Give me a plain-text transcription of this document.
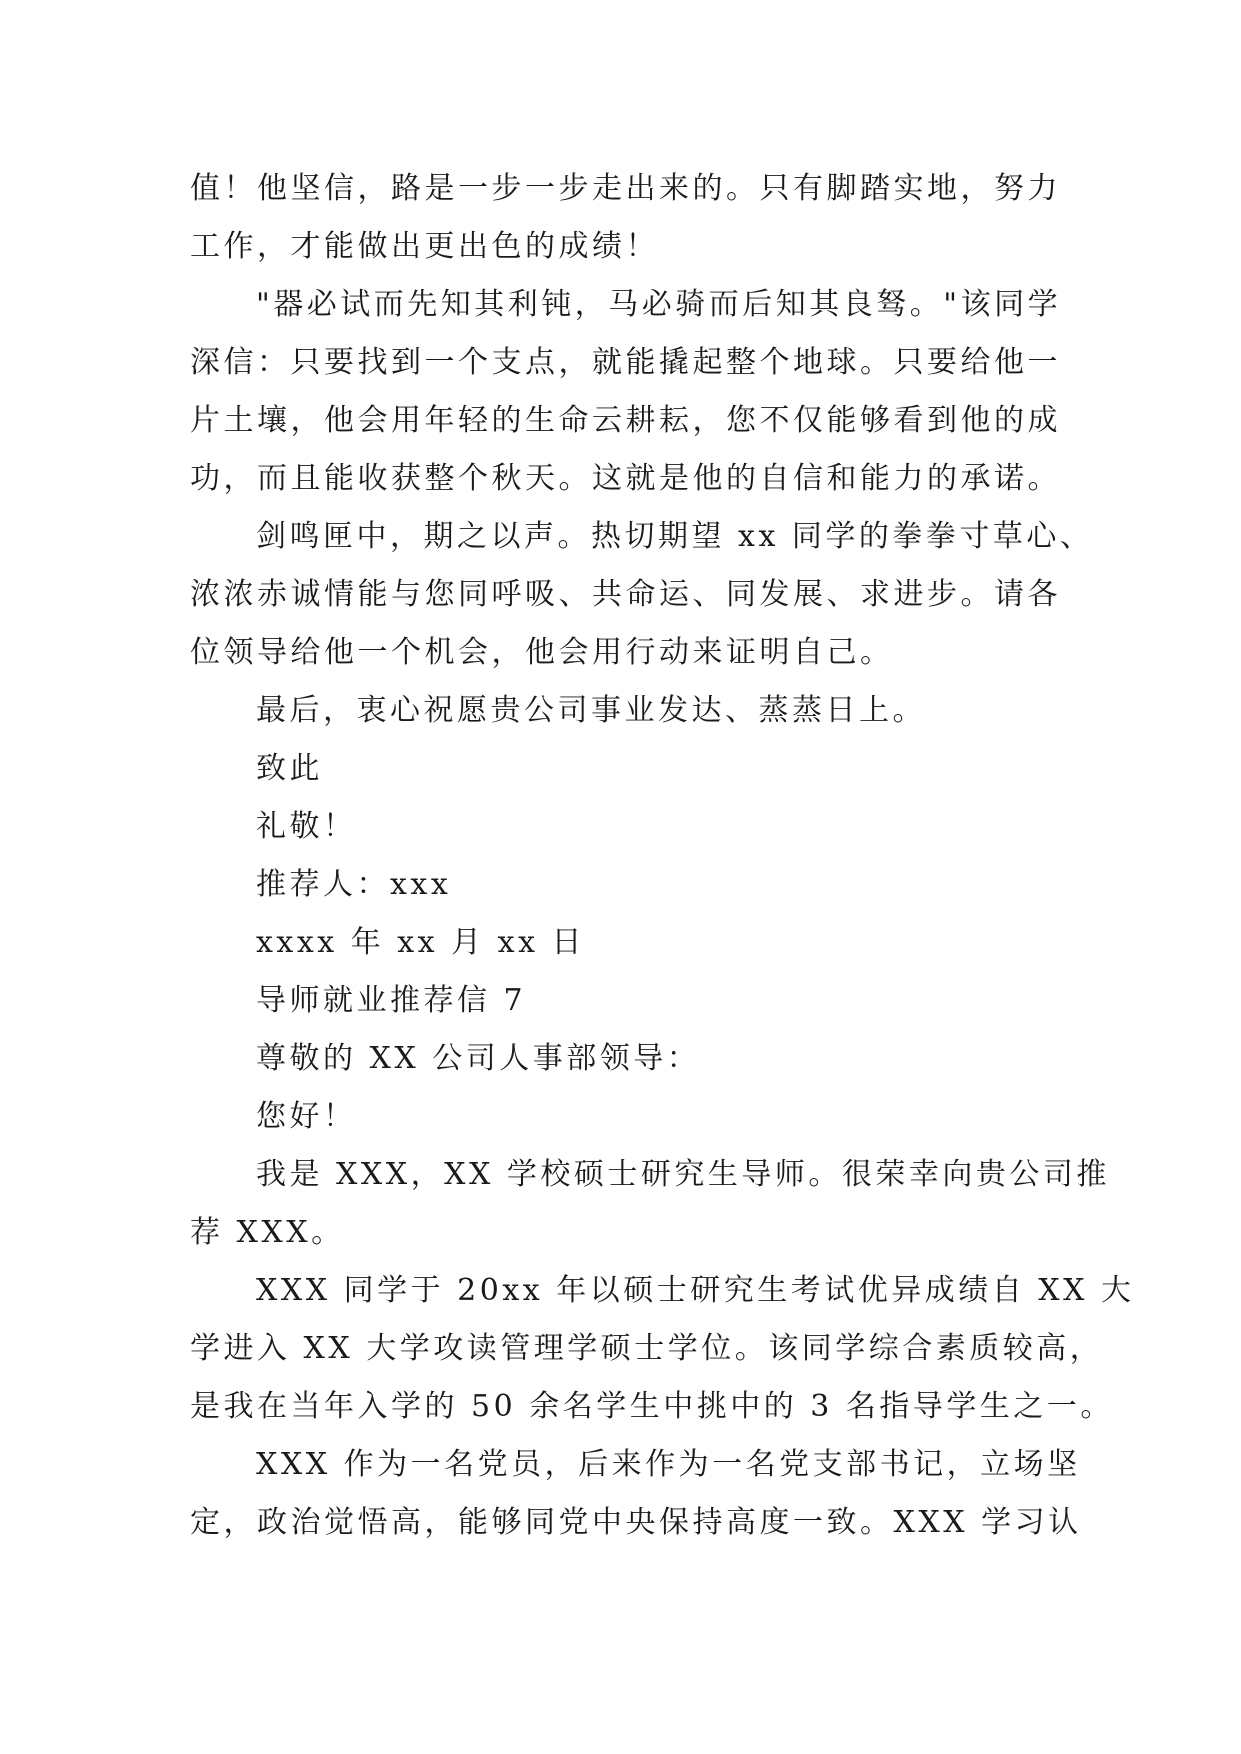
值！他坚信，路是一步一步走出来的。只有脚踏实地，努力
工作，才能做出更出色的成绩！
"器必试而先知其利钝，马必骑而后知其良驽。"该同学
深信：只要找到一个支点，就能撬起整个地球。只要给他一
片土壤，他会用年轻的生命云耕耘，您不仅能够看到他的成
功，而且能收获整个秋天。这就是他的自信和能力的承诺。
剑鸣匣中，期之以声。热切期望 xx 同学的拳拳寸草心、
浓浓赤诚情能与您同呼吸、共命运、同发展、求进步。请各
位领导给他一个机会，他会用行动来证明自己。
最后，衷心祝愿贵公司事业发达、蒸蒸日上。
致此
礼敬！
推荐人：xxx
xxxx 年 xx 月 xx 日
导师就业推荐信 7
尊敬的 XX 公司人事部领导：
您好！
我是 XXX，XX 学校硕士研究生导师。很荣幸向贵公司推
荐 XXX。
XXX 同学于 20xx 年以硕士研究生考试优异成绩自 XX 大
学进入 XX 大学攻读管理学硕士学位。该同学综合素质较高，
是我在当年入学的 50 余名学生中挑中的 3 名指导学生之一。
XXX 作为一名党员，后来作为一名党支部书记，立场坚
定，政治觉悟高，能够同党中央保持高度一致。XXX 学习认
